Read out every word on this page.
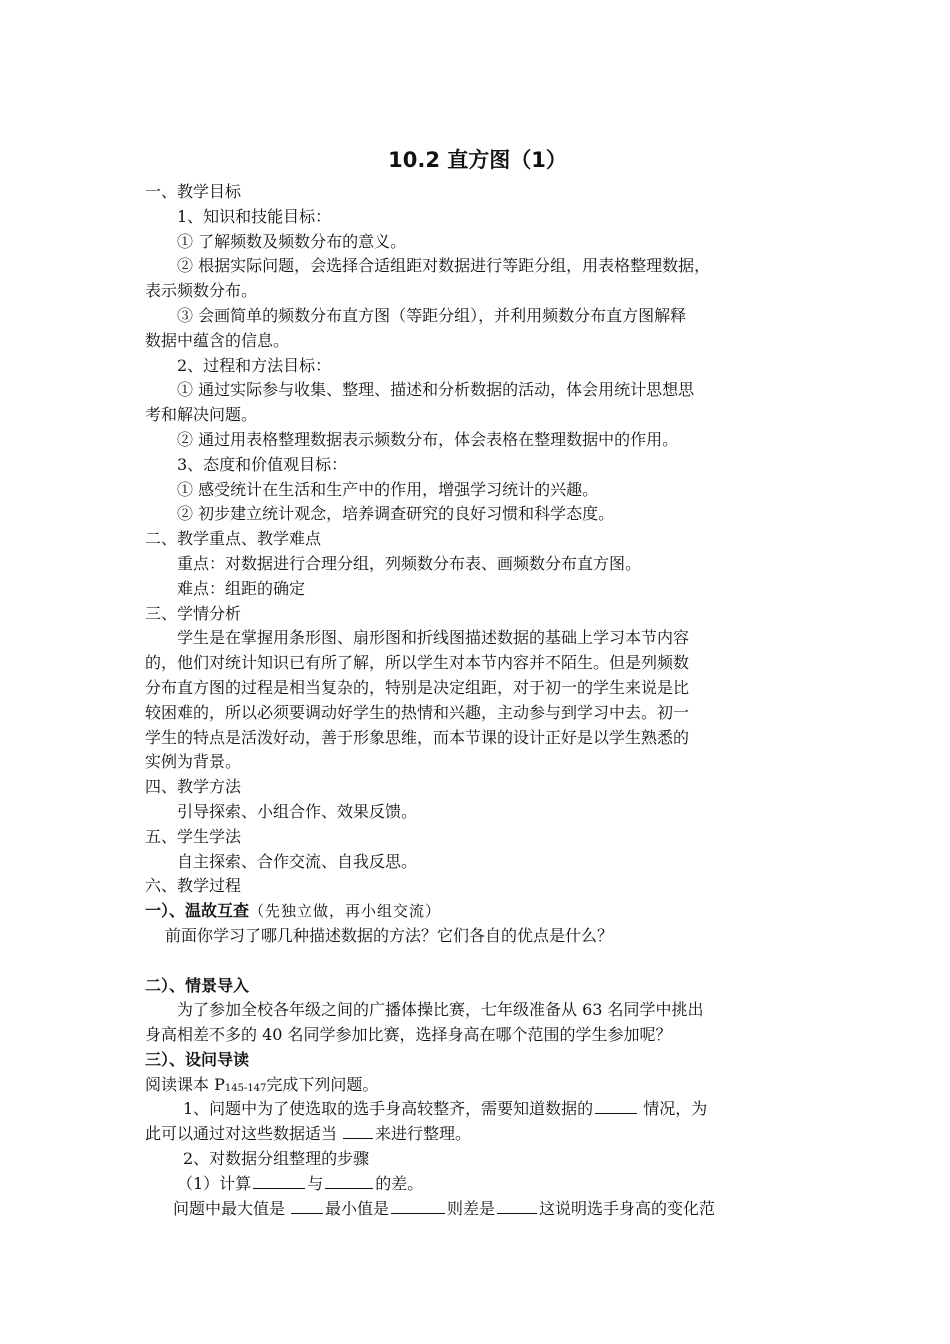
10.2 直方图（1）
一、教学目标
1、知识和技能目标：
① 了解频数及频数分布的意义。
② 根据实际问题，会选择合适组距对数据进行等距分组，用表格整理数据，
表示频数分布。
③ 会画简单的频数分布直方图（等距分组），并利用频数分布直方图解释
数据中蕴含的信息。
2、过程和方法目标：
① 通过实际参与收集、整理、描述和分析数据的活动，体会用统计思想思
考和解决问题。
② 通过用表格整理数据表示频数分布，体会表格在整理数据中的作用。
3、态度和价值观目标：
① 感受统计在生活和生产中的作用，增强学习统计的兴趣。
② 初步建立统计观念，培养调查研究的良好习惯和科学态度。
二、教学重点、教学难点
重点：对数据进行合理分组，列频数分布表、画频数分布直方图。
难点：组距的确定
三、学情分析
学生是在掌握用条形图、扇形图和折线图描述数据的基础上学习本节内容
的，他们对统计知识已有所了解，所以学生对本节内容并不陌生。但是列频数
分布直方图的过程是相当复杂的，特别是决定组距，对于初一的学生来说是比
较困难的，所以必须要调动好学生的热情和兴趣，主动参与到学习中去。初一
学生的特点是活泼好动，善于形象思维，而本节课的设计正好是以学生熟悉的
实例为背景。
四、教学方法
引导探索、小组合作、效果反馈。
五、学生学法
自主探索、合作交流、自我反思。
六、教学过程
一）、温故互查（先独立做，再小组交流）
前面你学习了哪几种描述数据的方法？它们各自的优点是什么？
二）、情景导入
为了参加全校各年级之间的广播体操比赛，七年级准备从 63 名同学中挑出
身高相差不多的 40 名同学参加比赛，选择身高在哪个范围的学生参加呢？
三）、设问导读
阅读课本 P145-147完成下列问题。
1、问题中为了使选取的选手身高较整齐，需要知道数据的	情况，为
此可以通过对这些数据适当 来进行整理。
2、对数据分组整理的步骤
（1）计算	与	的差。
问题中最大值是	最小值是	则差是	这说明选手身高的变化范
